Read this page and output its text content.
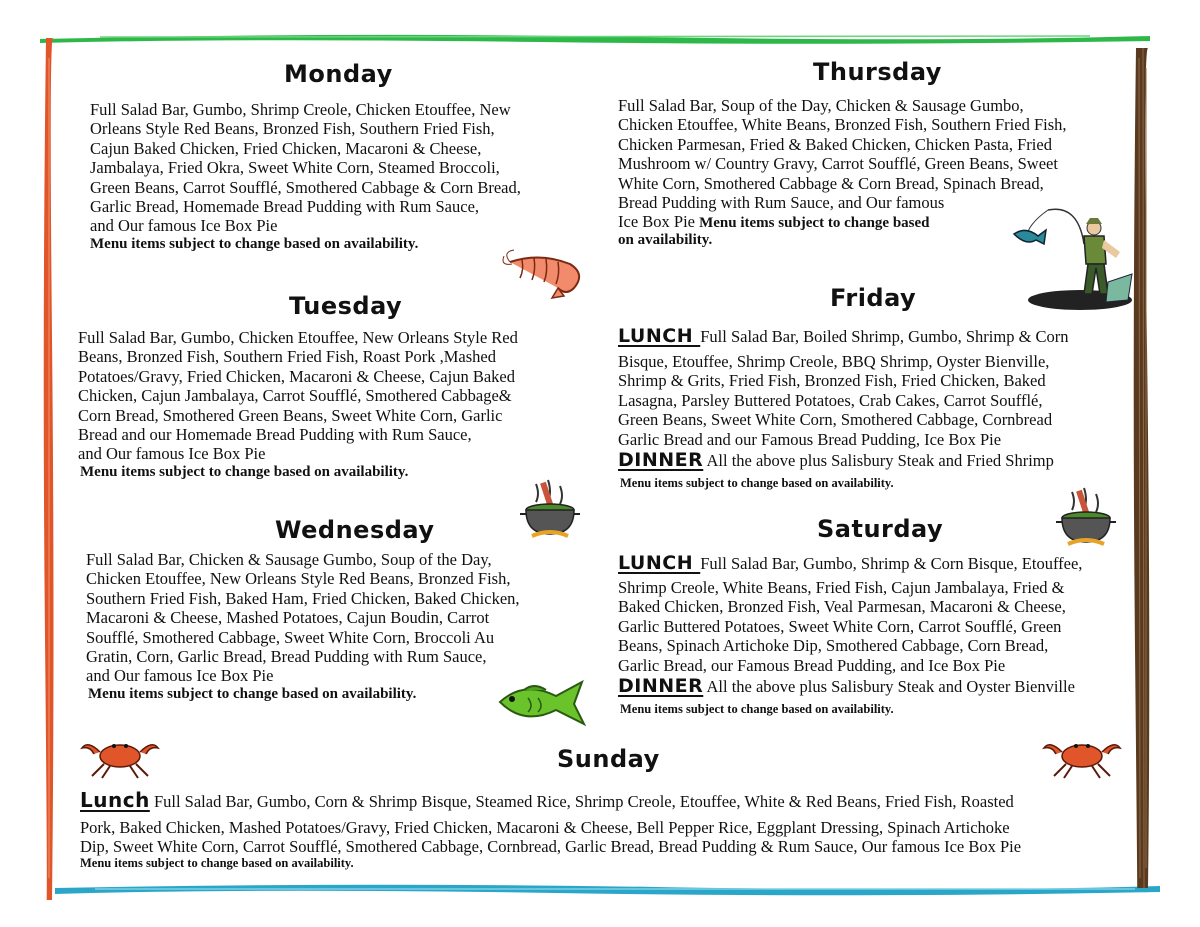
Monday

Full Salad Bar, Gumbo, Shrimp Creole, Chicken Etouffee, New
Orleans Style Red Beans, Bronzed Fish, Southern Fried Fish,
Cajun Baked Chicken, Fried Chicken, Macaroni & Cheese,
Jambalaya, Fried Okra, Sweet White Corn, Steamed Broccoli,
Green Beans, Carrot Soufflé, Smothered Cabbage & Corn Bread,
Garlic Bread, Homemade Bread Pudding with Rum Sauce,
and Our famous Ice Box Pie

Menu items subject to change based on availability.
Tuesday

Full Salad Bar, Gumbo, Chicken Etouffee, New Orleans Style Red
Beans, Bronzed Fish, Southern Fried Fish, Roast Pork ,Mashed
Potatoes/Gravy, Fried Chicken, Macaroni & Cheese, Cajun Baked
Chicken, Cajun Jambalaya, Carrot Soufflé, Smothered Cabbage&
Corn Bread, Smothered Green Beans, Sweet White Corn, Garlic
Bread and our Homemade Bread Pudding with Rum Sauce,
and Our famous Ice Box Pie

Menu items subject to change based on availability.
Wednesday

Full Salad Bar, Chicken & Sausage Gumbo, Soup of the Day,
Chicken Etouffee, New Orleans Style Red Beans, Bronzed Fish,
Southern Fried Fish, Baked Ham, Fried Chicken, Baked Chicken,
Macaroni & Cheese, Mashed Potatoes, Cajun Boudin, Carrot
Soufflé, Smothered Cabbage, Sweet White Corn, Broccoli Au
Gratin, Corn, Garlic Bread, Bread Pudding with Rum Sauce,
and Our famous Ice Box Pie

Menu items subject to change based on availability.
Thursday

Full Salad Bar, Soup of the Day, Chicken & Sausage Gumbo,
Chicken Etouffee, White Beans, Bronzed Fish, Southern Fried Fish,
Chicken Parmesan, Fried & Baked Chicken, Chicken Pasta, Fried
Mushroom w/ Country Gravy, Carrot Soufflé, Green Beans, Sweet
White Corn, Smothered Cabbage & Corn Bread, Spinach Bread,
Bread Pudding with Rum Sauce, and Our famous

Ice Box Pie Menu items subject to change based
on availability.
Friday
LUNCH Full Salad Bar, Boiled Shrimp, Gumbo, Shrimp & Corn

Bisque, Etouffee, Shrimp Creole, BBQ Shrimp, Oyster Bienville,
Shrimp & Grits, Fried Fish, Bronzed Fish, Fried Chicken, Baked
Lasagna, Parsley Buttered Potatoes, Crab Cakes, Carrot Soufflé,
Green Beans, Sweet White Corn, Smothered Cabbage, Cornbread
Garlic Bread and our Famous Bread Pudding, Ice Box Pie

DINNER All the above plus Salisbury Steak and Fried Shrimp
Menu items subject to change based on availability.
Saturday
LUNCH Full Salad Bar, Gumbo, Shrimp & Corn Bisque, Etouffee,

Shrimp Creole, White Beans, Fried Fish, Cajun Jambalaya, Fried &
Baked Chicken, Bronzed Fish, Veal Parmesan, Macaroni & Cheese,
Garlic Buttered Potatoes, Sweet White Corn, Carrot Soufflé, Green
Beans, Spinach Artichoke Dip, Smothered Cabbage, Corn Bread,
Garlic Bread, our Famous Bread Pudding, and Ice Box Pie

DINNER All the above plus Salisbury Steak and Oyster Bienville
Menu items subject to change based on availability.
Sunday
Lunch Full Salad Bar, Gumbo, Corn & Shrimp Bisque, Steamed Rice, Shrimp Creole, Etouffee, White & Red Beans, Fried Fish, Roasted

Pork, Baked Chicken, Mashed Potatoes/Gravy, Fried Chicken, Macaroni & Cheese, Bell Pepper Rice, Eggplant Dressing, Spinach Artichoke
Dip, Sweet White Corn, Carrot Soufflé, Smothered Cabbage, Cornbread, Garlic Bread, Bread Pudding & Rum Sauce, Our famous Ice Box Pie

Menu items subject to change based on availability.
